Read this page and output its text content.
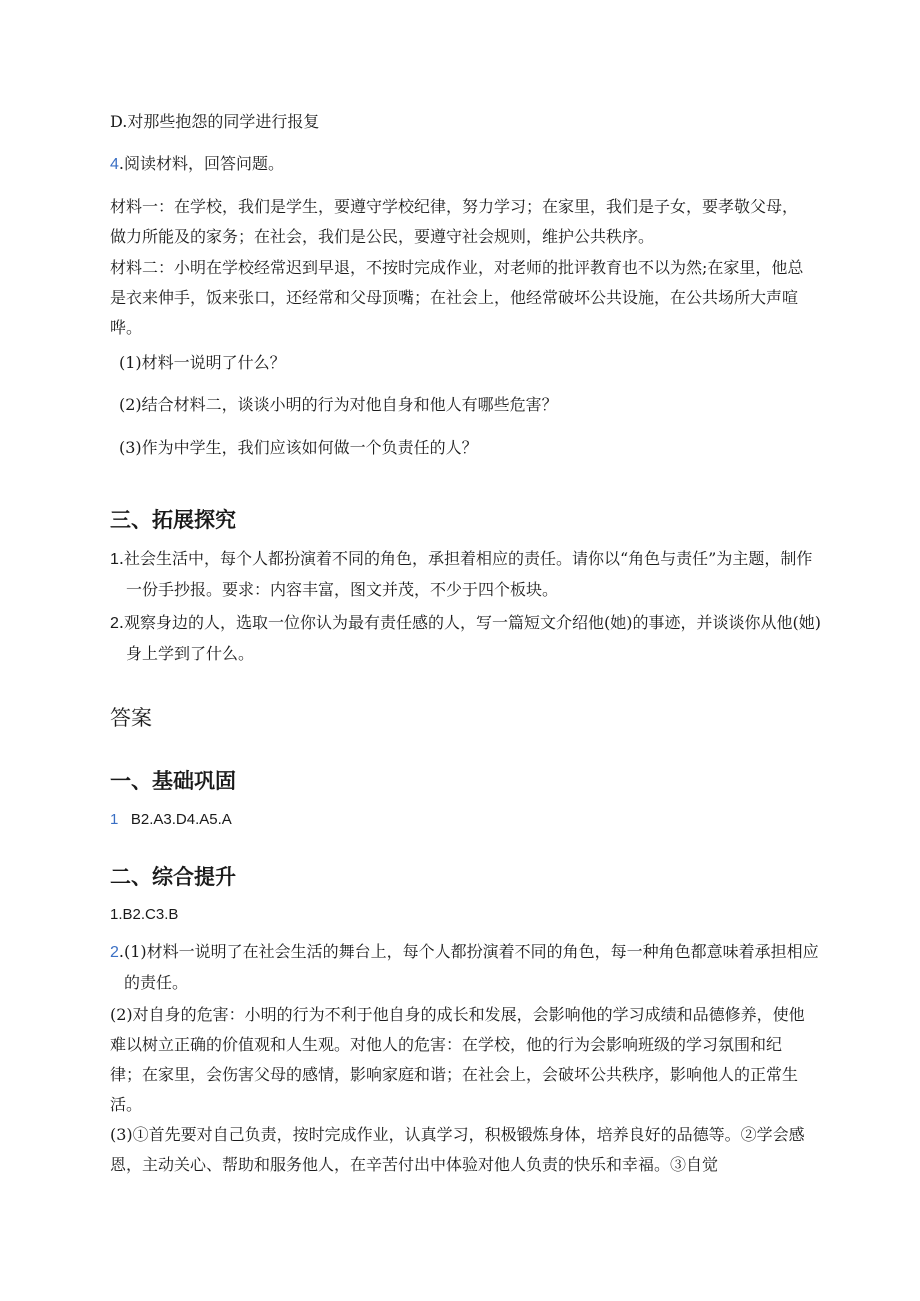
D.对那些抱怨的同学进行报复

4.阅读材料，回答问题。

材料一：在学校，我们是学生，要遵守学校纪律，努力学习；在家里，我们是子女，要孝敬父母，做力所能及的家务；在社会，我们是公民，要遵守社会规则，维护公共秩序。

材料二：小明在学校经常迟到早退，不按时完成作业，对老师的批评教育也不以为然;在家里，他总是衣来伸手，饭来张口，还经常和父母顶嘴；在社会上，他经常破坏公共设施，在公共场所大声喧哗。

(1)材料一说明了什么？

(2)结合材料二，谈谈小明的行为对他自身和他人有哪些危害？

(3)作为中学生，我们应该如何做一个负责任的人？

三、拓展探究

1.社会生活中，每个人都扮演着不同的角色，承担着相应的责任。请你以“角色与责任”为主题，制作一份手抄报。要求：内容丰富，图文并茂，不少于四个板块。

2.观察身边的人，选取一位你认为最有责任感的人，写一篇短文介绍他(她)的事迹，并谈谈你从他(她)身上学到了什么。

答案
一、基础巩固

1 B2.A3.D4.A5.A

二、综合提升

1.B2.C3.B

2.(1)材料一说明了在社会生活的舞台上，每个人都扮演着不同的角色，每一种角色都意味着承担相应的责任。

(2)对自身的危害：小明的行为不利于他自身的成长和发展，会影响他的学习成绩和品德修养，使他难以树立正确的价值观和人生观。对他人的危害：在学校，他的行为会影响班级的学习氛围和纪律；在家里，会伤害父母的感情，影响家庭和谐；在社会上，会破坏公共秩序，影响他人的正常生活。

(3)①首先要对自己负责，按时完成作业，认真学习，积极锻炼身体，培养良好的品德等。②学会感恩，主动关心、帮助和服务他人，在辛苦付出中体验对他人负责的快乐和幸福。③自觉
